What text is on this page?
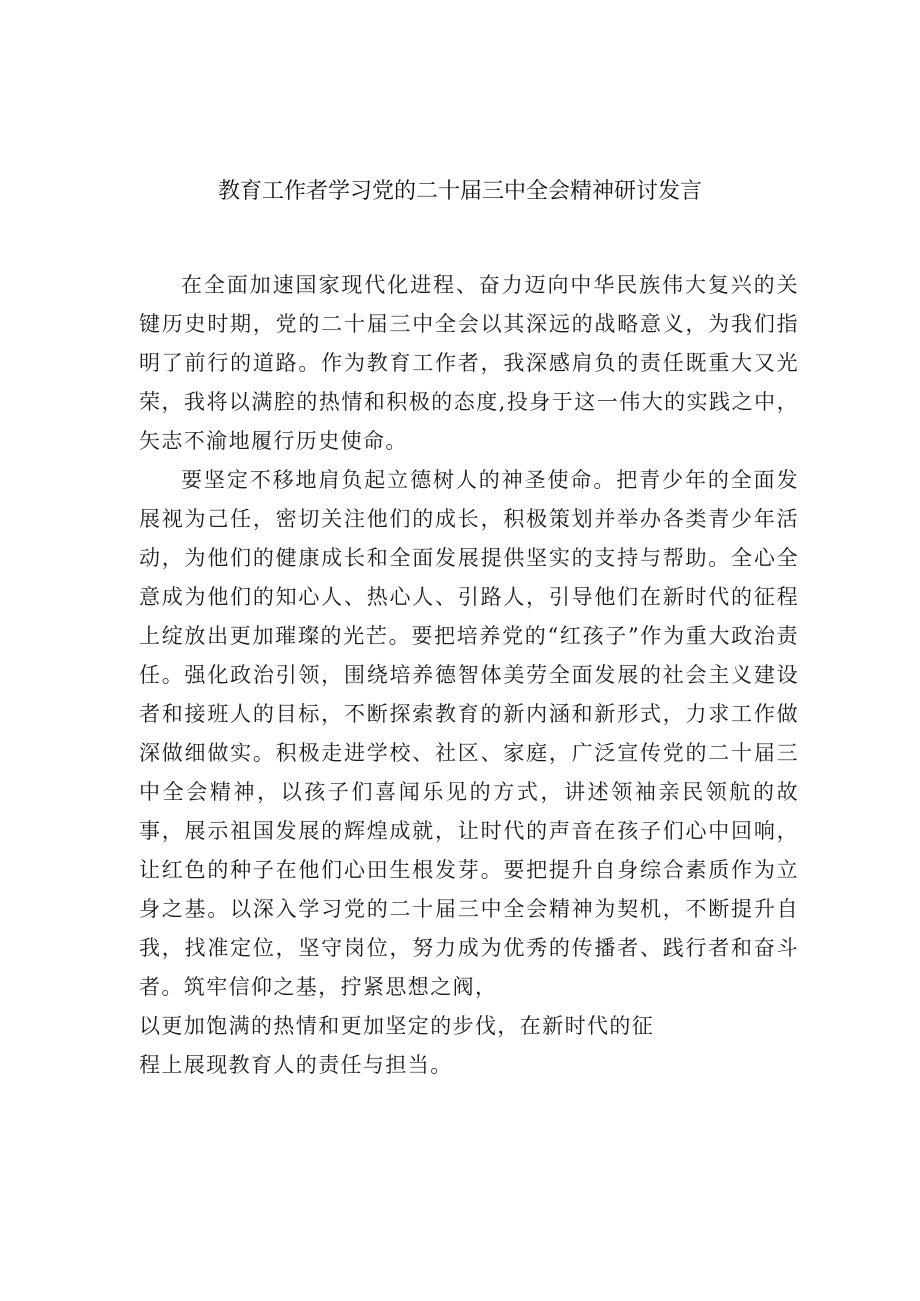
教育工作者学习党的二十届三中全会精神研讨发言

在全面加速国家现代化进程、奋力迈向中华民族伟大复兴的关键历史时期，党的二十届三中全会以其深远的战略意义，为我们指明了前行的道路。作为教育工作者，我深感肩负的责任既重大又光荣，我将以满腔的热情和积极的态度,投身于这一伟大的实践之中，矢志不渝地履行历史使命。

要坚定不移地肩负起立德树人的神圣使命。把青少年的全面发展视为己任，密切关注他们的成长，积极策划并举办各类青少年活动，为他们的健康成长和全面发展提供坚实的支持与帮助。全心全意成为他们的知心人、热心人、引路人，引导他们在新时代的征程上绽放出更加璀璨的光芒。要把培养党的“红孩子”作为重大政治责任。强化政治引领，围绕培养德智体美劳全面发展的社会主义建设者和接班人的目标，不断探索教育的新内涵和新形式，力求工作做深做细做实。积极走进学校、社区、家庭，广泛宣传党的二十届三中全会精神，以孩子们喜闻乐见的方式，讲述领袖亲民领航的故事，展示祖国发展的辉煌成就，让时代的声音在孩子们心中回响，让红色的种子在他们心田生根发芽。要把提升自身综合素质作为立身之基。以深入学习党的二十届三中全会精神为契机，不断提升自我，找准定位，坚守岗位，努力成为优秀的传播者、践行者和奋斗者。筑牢信仰之基，拧紧思想之阀，

以更加饱满的热情和更加坚定的步伐，在新时代的征

程上展现教育人的责任与担当。
